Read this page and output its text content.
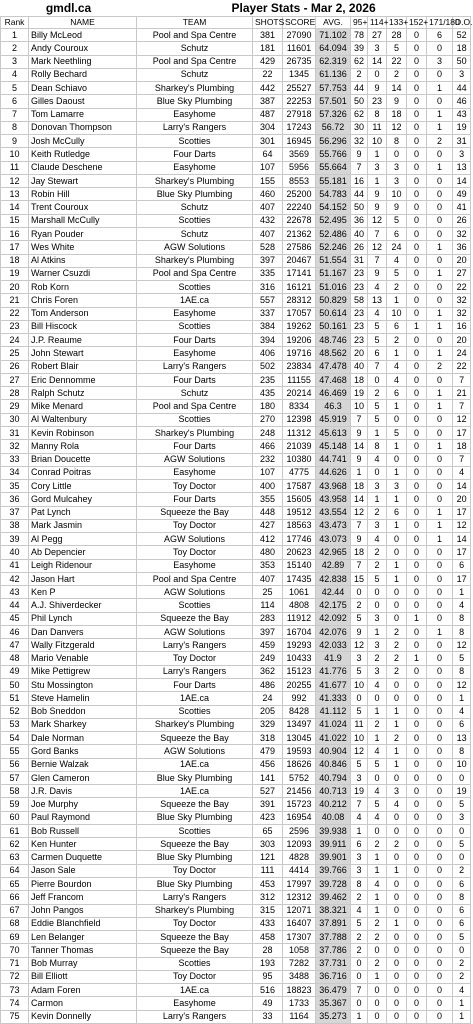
gmdl.ca		Player Stats - Mar 2, 2026									
Rank	NAME	TEAM	SHOTS	SCORE	AVG.	95+	114+	133+	152+	171/180	D.O.
1	Billy McLeod	Pool and Spa Centre	381	27090	71.102	78	27	28	0	6	52
2	Andy Couroux	Schutz	181	11601	64.094	39	3	5	0	0	18
3	Mark Neethling	Pool and Spa Centre	429	26735	62.319	62	14	22	0	3	50
4	Rolly Bechard	Schutz	22	1345	61.136	2	0	2	0	0	3
5	Dean Schiavo	Sharkey's Plumbing	442	25527	57.753	44	9	14	0	1	44
6	Gilles Daoust	Blue Sky Plumbing	387	22253	57.501	50	23	9	0	0	46
7	Tom Lamarre	Easyhome	487	27918	57.326	62	8	18	0	1	43
8	Donovan Thompson	Larry's Rangers	304	17243	56.72	30	11	12	0	1	19
9	Josh McCully	Scotties	301	16945	56.296	32	10	8	0	2	31
10	Keith Rutledge	Four Darts	64	3569	55.766	9	1	0	0	0	3
11	Claude Deschene	Easyhome	107	5956	55.664	7	3	3	0	1	13
12	Jay Stewart	Sharkey's Plumbing	155	8553	55.181	16	1	3	0	0	14
13	Robin Hill	Blue Sky Plumbing	460	25200	54.783	44	9	10	0	0	49
14	Trent Couroux	Schutz	407	22240	54.152	50	9	9	0	0	41
15	Marshall McCully	Scotties	432	22678	52.495	36	12	5	0	0	26
16	Ryan Pouder	Schutz	407	21362	52.486	40	7	6	0	0	32
17	Wes White	AGW Solutions	528	27586	52.246	26	12	24	0	1	36
18	Al Atkins	Sharkey's Plumbing	397	20467	51.554	31	7	4	0	0	20
19	Warner Csuzdi	Pool and Spa Centre	335	17141	51.167	23	9	5	0	1	27
20	Rob Korn	Scotties	316	16121	51.016	23	4	2	0	0	22
21	Chris Foren	1AE.ca	557	28312	50.829	58	13	1	0	0	32
22	Tom Anderson	Easyhome	337	17057	50.614	23	4	10	0	1	32
23	Bill Hiscock	Scotties	384	19262	50.161	23	5	6	1	1	16
24	J.P. Reaume	Four Darts	394	19206	48.746	23	5	2	0	0	20
25	John Stewart	Easyhome	406	19716	48.562	20	6	1	0	1	24
26	Robert Blair	Larry's Rangers	502	23834	47.478	40	7	4	0	2	22
27	Eric Dennomme	Four Darts	235	11155	47.468	18	0	4	0	0	7
28	Ralph Schutz	Schutz	435	20214	46.469	19	2	6	0	1	21
29	Mike Menard	Pool and Spa Centre	180	8334	46.3	10	5	1	0	1	7
30	Al Waltenbury	Scotties	270	12398	45.919	7	5	0	0	0	12
31	Kevin Robinson	Sharkey's Plumbing	248	11312	45.613	9	1	5	0	0	17
32	Manny Rola	Four Darts	466	21039	45.148	14	8	1	0	1	18
33	Brian Doucette	AGW Solutions	232	10380	44.741	9	4	0	0	0	7
34	Conrad Poitras	Easyhome	107	4775	44.626	1	0	1	0	0	4
35	Cory Little	Toy Doctor	400	17587	43.968	18	3	3	0	0	14
36	Gord Mulcahey	Four Darts	355	15605	43.958	14	1	1	0	0	20
37	Pat Lynch	Squeeze the Bay	448	19512	43.554	12	2	6	0	1	17
38	Mark Jasmin	Toy Doctor	427	18563	43.473	7	3	1	0	1	12
39	Al Pegg	AGW Solutions	412	17746	43.073	9	4	0	0	1	14
40	Ab Depencier	Toy Doctor	480	20623	42.965	18	2	0	0	0	17
41	Leigh Ridenour	Easyhome	353	15140	42.89	7	2	1	0	0	6
42	Jason Hart	Pool and Spa Centre	407	17435	42.838	15	5	1	0	0	17
43	Ken P	AGW Solutions	25	1061	42.44	0	0	0	0	0	1
44	A.J. Shiverdecker	Scotties	114	4808	42.175	2	0	0	0	0	4
45	Phil Lynch	Squeeze the Bay	283	11912	42.092	5	3	0	1	0	8
46	Dan Danvers	AGW Solutions	397	16704	42.076	9	1	2	0	1	8
47	Wally Fitzgerald	Larry's Rangers	459	19293	42.033	12	3	2	0	0	12
48	Mario Venable	Toy Doctor	249	10433	41.9	3	2	2	1	0	5
49	Mike Pettigrew	Larry's Rangers	362	15123	41.776	5	3	2	0	0	8
50	Stu Mossington	Four Darts	486	20255	41.677	10	4	0	0	0	12
51	Steve Hamelin	1AE.ca	24	992	41.333	0	0	0	0	0	1
52	Bob Sneddon	Scotties	205	8428	41.112	5	1	1	0	0	4
53	Mark Sharkey	Sharkey's Plumbing	329	13497	41.024	11	2	1	0	0	6
54	Dale Norman	Squeeze the Bay	318	13045	41.022	10	1	2	0	0	13
55	Gord Banks	AGW Solutions	479	19593	40.904	12	4	1	0	0	8
56	Bernie Walzak	1AE.ca	456	18626	40.846	5	5	1	0	0	10
57	Glen Cameron	Blue Sky Plumbing	141	5752	40.794	3	0	0	0	0	0
58	J.R. Davis	1AE.ca	527	21456	40.713	19	4	3	0	0	19
59	Joe Murphy	Squeeze the Bay	391	15723	40.212	7	5	4	0	0	5
60	Paul Raymond	Blue Sky Plumbing	423	16954	40.08	4	4	0	0	0	3
61	Bob Russell	Scotties	65	2596	39.938	1	0	0	0	0	0
62	Ken Hunter	Squeeze the Bay	303	12093	39.911	6	2	2	0	0	5
63	Carmen Duquette	Blue Sky Plumbing	121	4828	39.901	3	1	0	0	0	0
64	Jason Sale	Toy Doctor	111	4414	39.766	3	1	1	0	0	2
65	Pierre Bourdon	Blue Sky Plumbing	453	17997	39.728	8	4	0	0	0	6
66	Jeff Francom	Larry's Rangers	312	12312	39.462	2	1	0	0	0	8
67	John Pangos	Sharkey's Plumbing	315	12071	38.321	4	1	0	0	0	6
68	Eddie Blanchfield	Toy Doctor	433	16407	37.891	5	2	1	0	0	6
69	Len Belanger	Squeeze the Bay	458	17307	37.788	2	2	0	0	0	5
70	Tanner Thomas	Squeeze the Bay	28	1058	37.786	2	0	0	0	0	0
71	Bob Murray	Scotties	193	7282	37.731	0	2	0	0	0	2
72	Bill Elliott	Toy Doctor	95	3488	36.716	0	1	0	0	0	2
73	Adam Foren	1AE.ca	516	18823	36.479	7	0	0	0	0	4
74	Carmon	Easyhome	49	1733	35.367	0	0	0	0	0	1
75	Kevin Donnelly	Larry's Rangers	33	1164	35.273	1	0	0	0	0	1
